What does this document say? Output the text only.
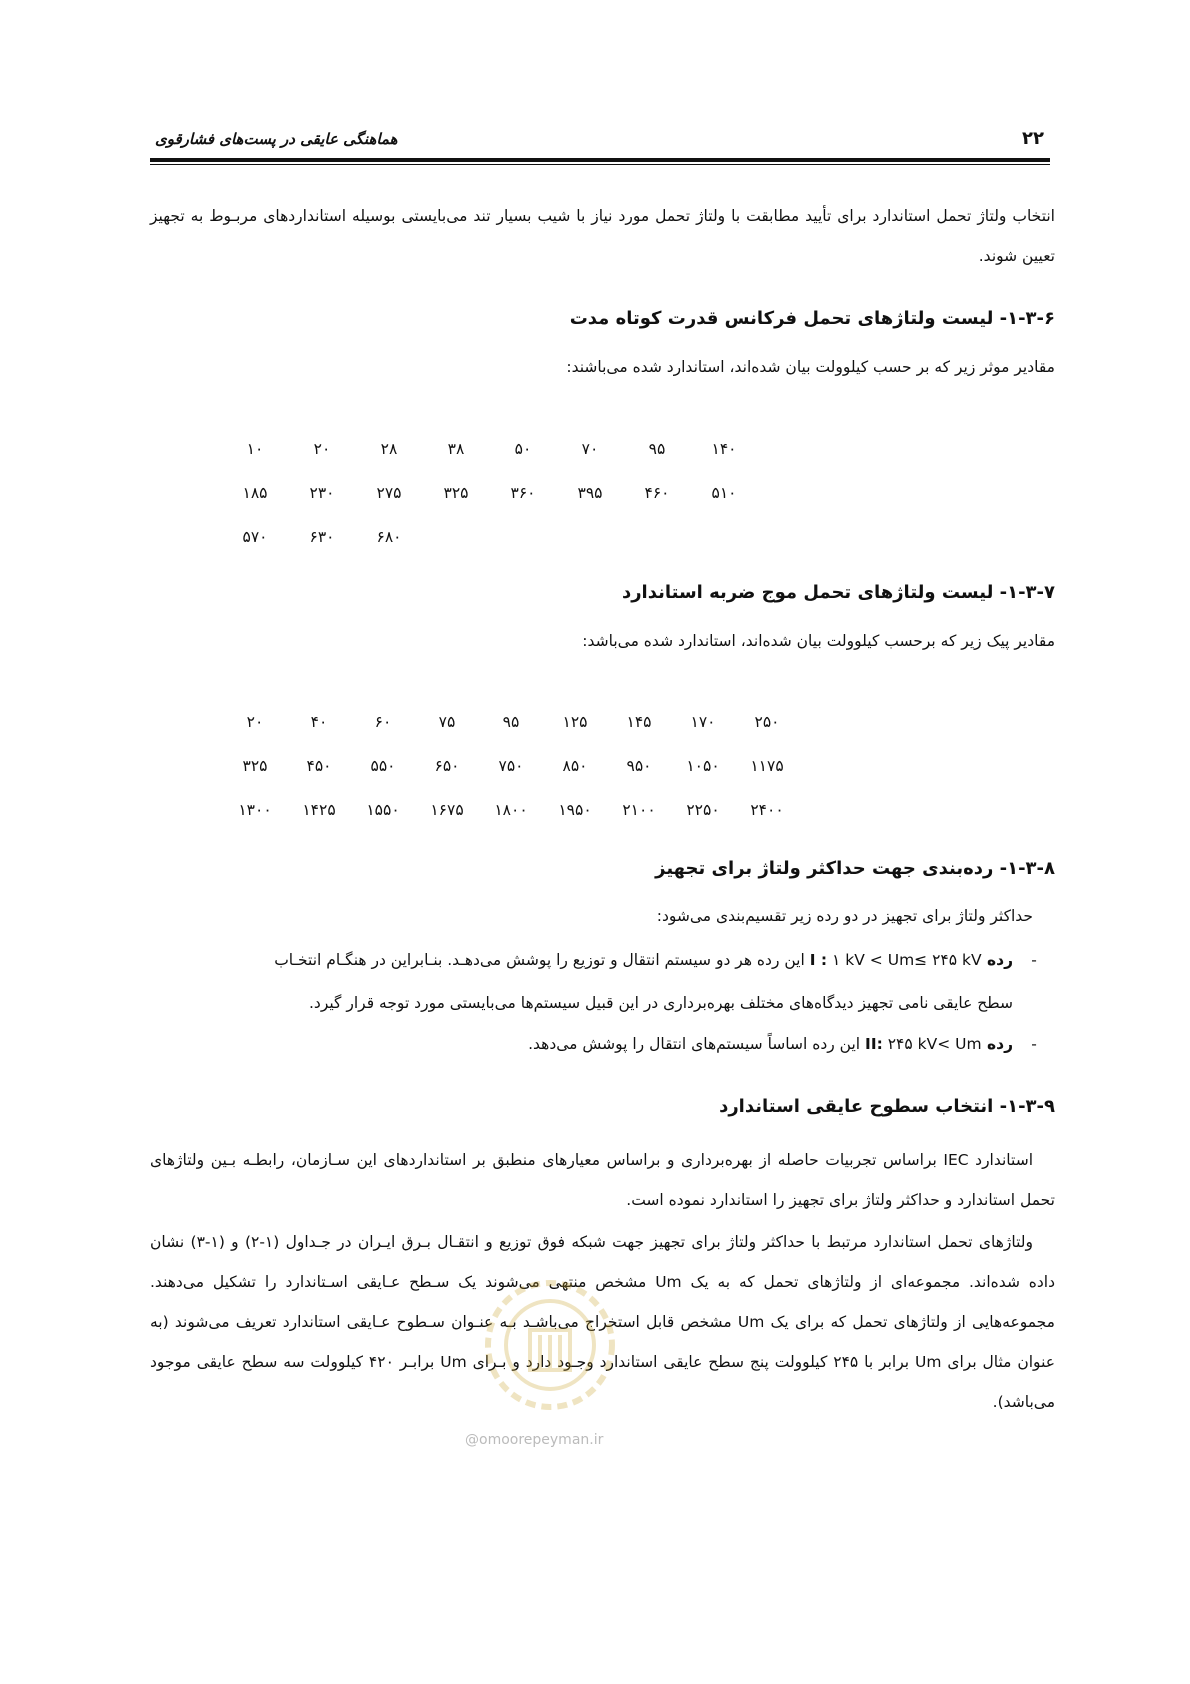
۲۲
هماهنگی عایقی در پست‌های فشارقوی
انتخاب ولتاژ تحمل استاندارد برای تأیید مطابقت با ولتاژ تحمل مورد نیاز با شیب بسیار تند می‌بایستی بوسیله استانداردهای مربـوط به تجهیز تعیین شوند.
۱-۳-۶- لیست ولتاژهای تحمل فرکانس قدرت کوتاه مدت
مقادیر موثر زیر که بر حسب کیلوولت بیان شده‌اند، استاندارد شده می‌باشند:
۱۴۰
۹۵
۷۰
۵۰
۳۸
۲۸
۲۰
۱۰
۵۱۰
۴۶۰
۳۹۵
۳۶۰
۳۲۵
۲۷۵
۲۳۰
۱۸۵
۶۸۰
۶۳۰
۵۷۰
۱-۳-۷- لیست ولتاژهای تحمل موج ضربه استاندارد
مقادیر پیک زیر که برحسب کیلوولت بیان شده‌اند، استاندارد شده می‌باشد:
۲۵۰
۱۷۰
۱۴۵
۱۲۵
۹۵
۷۵
۶۰
۴۰
۲۰
۱۱۷۵
۱۰۵۰
۹۵۰
۸۵۰
۷۵۰
۶۵۰
۵۵۰
۴۵۰
۳۲۵
۲۴۰۰
۲۲۵۰
۲۱۰۰
۱۹۵۰
۱۸۰۰
۱۶۷۵
۱۵۵۰
۱۴۲۵
۱۳۰۰
۱-۳-۸- رده‌بندی جهت حداکثر ولتاژ برای تجهیز
حداکثر ولتاژ برای تجهیز در دو رده زیر تقسیم‌بندی می‌شود:
-رده I : ۱ kV < Um≤ ۲۴۵ kV این رده هر دو سیستم انتقال و توزیع را پوشش می‌دهـد. بنـابراین در هنگـام انتخـاب
سطح عایقی نامی تجهیز دیدگاه‌های مختلف بهره‌برداری در این قبیل سیستم‌ها می‌بایستی مورد توجه قرار گیرد.
-رده II: ۲۴۵ kV< Um این رده اساساً سیستم‌های انتقال را پوشش می‌دهد.
۱-۳-۹- انتخاب سطوح عایقی استاندارد
استاندارد IEC براساس تجربیات حاصله از بهره‌برداری و براساس معیارهای منطبق بر استانداردهای این سـازمان، رابطـه بـین ولتاژهای تحمل استاندارد و حداکثر ولتاژ برای تجهیز را استاندارد نموده است.
ولتاژهای تحمل استاندارد مرتبط با حداکثر ولتاژ برای تجهیز جهت شبکه فوق توزیع و انتقـال بـرق ایـران در جـداول (۱-۲) و (۱-۳) نشان داده شده‌اند. مجموعه‌ای از ولتاژهای تحمل که به یک Um مشخص منتهی می‌شوند یک سـطح عـایقی اسـتاندارد را تشکیل می‌دهند. مجموعه‌هایی از ولتاژهای تحمل که برای یک Um مشخص قابل استخراج می‌باشـد بـه عنـوان سـطوح عـایقی استاندارد تعریف می‌شوند (به عنوان مثال برای Um برابر با ۲۴۵ کیلوولت پنج سطح عایقی استاندارد وجـود دارد و بـرای Um برابـر ۴۲۰ کیلوولت سه سطح عایقی موجود می‌باشد).
@omoorepeyman.ir
